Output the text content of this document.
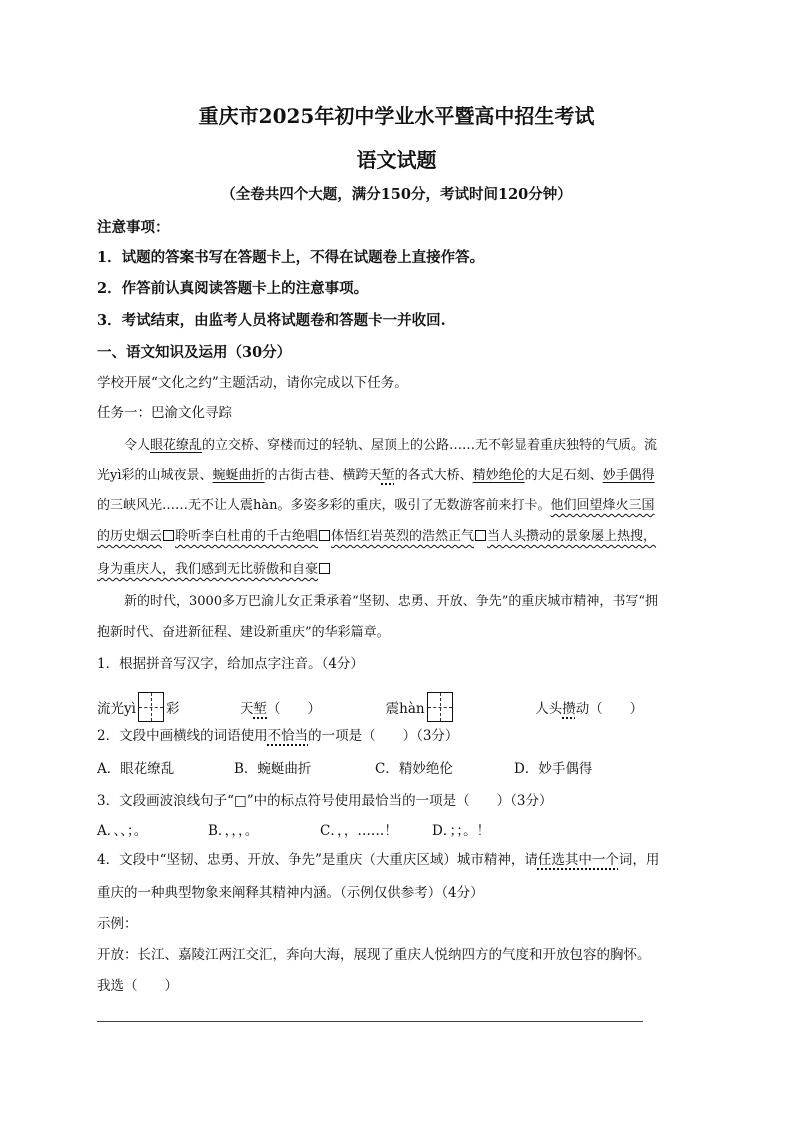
重庆市2025年初中学业水平暨高中招生考试
语文试题
（全卷共四个大题，满分150分，考试时间120分钟）
注意事项：
1．试题的答案书写在答题卡上，不得在试题卷上直接作答。
2．作答前认真阅读答题卡上的注意事项。
3．考试结束，由监考人员将试题卷和答题卡一并收回.
一、语文知识及运用（30分）
学校开展“文化之约”主题活动，请你完成以下任务。
任务一：巴渝文化寻踪
令人眼花缭乱的立交桥、穿楼而过的轻轨、屋顶上的公路……无不彰显着重庆独特的气质。流
光yì彩的山城夜景、蜿蜒曲折的古街古巷、横跨天堑的各式大桥、精妙绝伦的大足石刻、妙手偶得
的三峡风光……无不让人震hàn。多姿多彩的重庆，吸引了无数游客前来打卡。他们回望烽火三国
的历史烟云 聆听李白杜甫的千古绝唱 体悟红岩英烈的浩然正气 当人头攒动的景象屡上热搜，
身为重庆人，我们感到无比骄傲和自豪
新的时代，3000多万巴渝儿女正秉承着“坚韧、忠勇、开放、争先”的重庆城市精神，书写“拥
抱新时代、奋进新征程、建设新重庆”的华彩篇章。
1．根据拼音写汉字，给加点字注音。（4分）
流光yì 彩	天堑（　　）	震hàn	人头攒动（　　）
2．文段中画横线的词语使用不恰当的一项是（　　）（3分）
A．眼花缭乱	B．蜿蜒曲折	C．精妙绝伦	D．妙手偶得
3．文段画波浪线句子“□”中的标点符号使用最恰当的一项是（　　）（3分）
A．、、；。	B．，，，。	C．，，……！	D．；；。！
4．文段中“坚韧、忠勇、开放、争先”是重庆（大重庆区域）城市精神，请任选其中一个词，用
重庆的一种典型物象来阐释其精神内涵。（示例仅供参考）（4分）
示例：
开放：长江、嘉陵江两江交汇，奔向大海，展现了重庆人悦纳四方的气度和开放包容的胸怀。
我选（　　）
